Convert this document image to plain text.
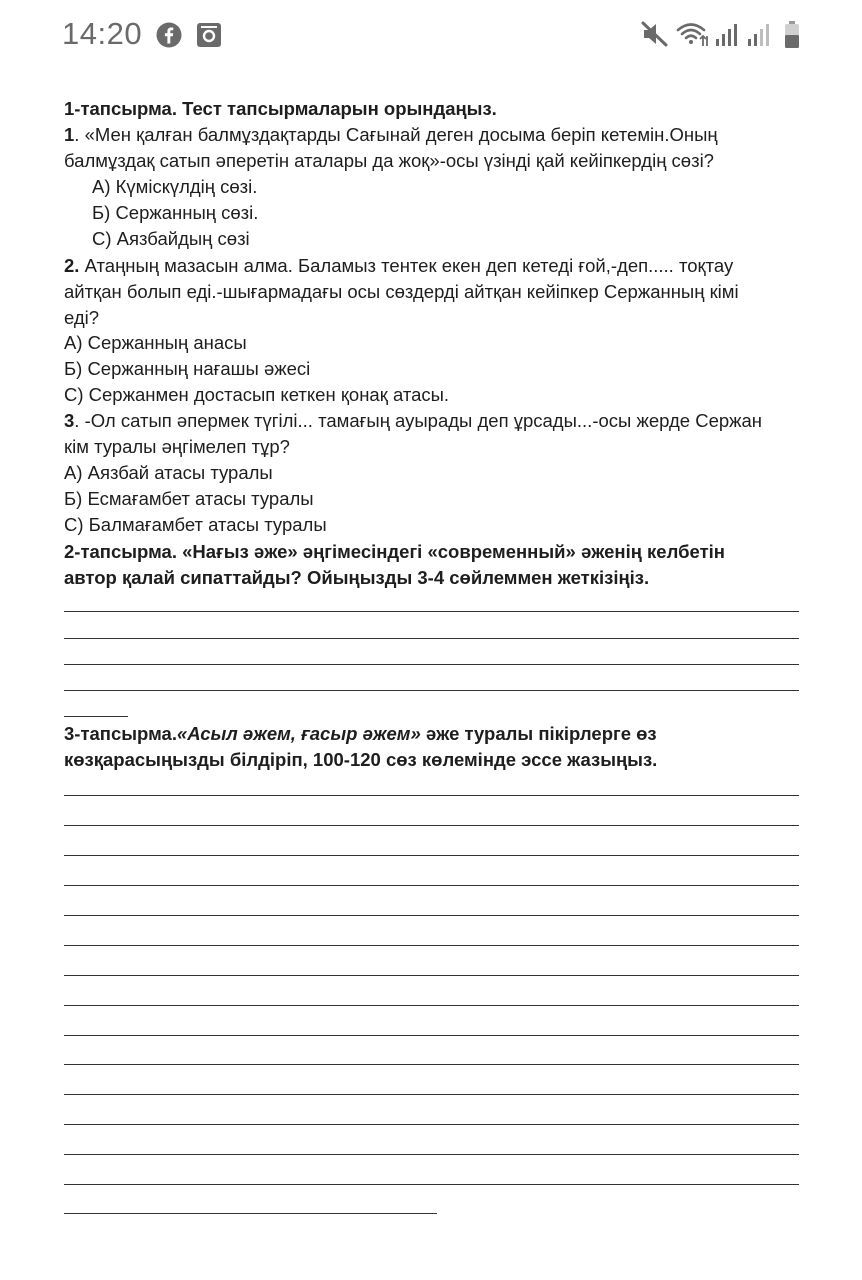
1-тапсырма. Тест тапсырмаларын орындаңыз.
1. «Мен қалған балмұздақтарды Сағынай деген досыма беріп кетемін.Оның
балмұздақ сатып әперетін аталары да жоқ»-осы үзінді қай кейіпкердің сөзі?
А) Күміскүлдің сөзі.
Б) Сержанның сөзі.
С) Аязбайдың сөзі
2. Атаңның мазасын алма. Баламыз тентек екен деп кетеді ғой,-деп..... тоқтау
айтқан болып еді.-шығармадағы осы сөздерді айтқан кейіпкер Сержанның кімі
еді?
А) Сержанның анасы
Б) Сержанның нағашы әжесі
С) Сержанмен достасып кеткен қонақ атасы.
3. -Ол сатып әпермек түгілі... тамағың ауырады деп ұрсады...-осы жерде Сержан
кім туралы әңгімелеп тұр?
А) Аязбай атасы туралы
Б) Есмағамбет атасы туралы
С) Балмағамбет атасы туралы
2-тапсырма. «Нағыз әже» әңгімесіндегі «современный» әженің келбетін
автор қалай сипаттайды? Ойыңызды 3-4 сөйлеммен жеткізіңіз.
3-тапсырма.«Асыл әжем, ғасыр әжем» әже туралы пікірлерге өз
көзқарасыңызды білдіріп, 100-120 сөз көлемінде эссе жазыңыз.
14:20
